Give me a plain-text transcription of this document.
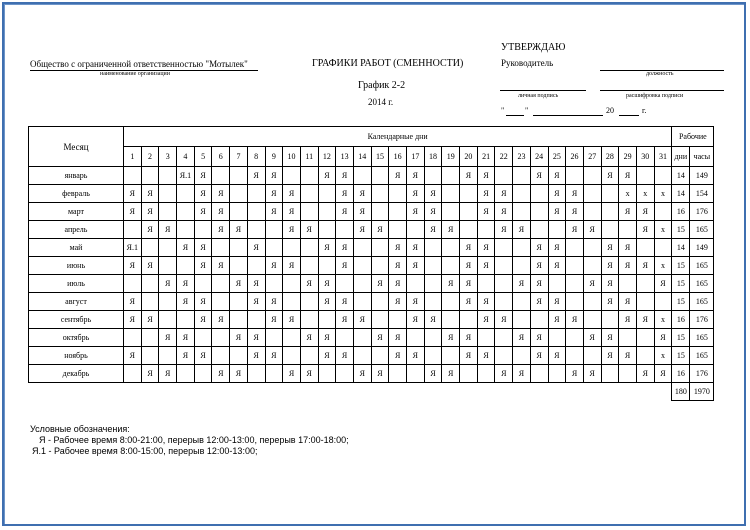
УТВЕРЖДАЮ
Руководитель
должность
личная подпись	расшифровка подписи
"	"	20	г.
Общество с ограниченной ответственностью "Мотылек"
наименование организации
ГРАФИКИ РАБОТ (СМЕННОСТИ)
График 2-2
2014 г.
Месяц	Календарные дни																															Рабочие	
	1	2	3	4	5	6	7	8	9	10	11	12	13	14	15	16	17	18	19	20	21	22	23	24	25	26	27	28	29	30	31	дни	часы
январь				Я.1	Я			Я	Я			Я	Я			Я	Я			Я	Я			Я	Я			Я	Я			14	149
февраль	Я	Я			Я	Я			Я	Я			Я	Я			Я	Я			Я	Я			Я	Я			х	х	х	14	154
март	Я	Я			Я	Я			Я	Я			Я	Я			Я	Я			Я	Я			Я	Я			Я	Я		16	176
апрель		Я	Я			Я	Я			Я	Я			Я	Я			Я	Я			Я	Я			Я	Я			Я	х	15	165
май	Я.1			Я	Я			Я				Я	Я			Я	Я			Я	Я			Я	Я			Я	Я			14	149
июнь	Я	Я			Я	Я			Я	Я			Я			Я	Я			Я	Я			Я	Я			Я	Я	Я	х	15	165
июль			Я	Я			Я	Я			Я	Я			Я	Я			Я	Я			Я	Я			Я	Я			Я	15	165
август	Я			Я	Я			Я	Я			Я	Я			Я	Я			Я	Я			Я	Я			Я	Я			15	165
сентябрь	Я	Я			Я	Я			Я	Я			Я	Я			Я	Я			Я	Я			Я	Я			Я	Я	х	16	176
октябрь			Я	Я			Я	Я			Я	Я			Я	Я			Я	Я			Я	Я			Я	Я			Я	15	165
ноябрь	Я			Я	Я			Я	Я			Я	Я			Я	Я			Я	Я			Я	Я			Я	Я		х	15	165
декабрь		Я	Я			Я	Я			Я	Я			Я	Я			Я	Я			Я	Я			Я	Я			Я	Я	16	176
																																180	1970
Условные обозначения:
Я - Рабочее время 8:00-21:00, перерыв 12:00-13:00, перерыв 17:00-18:00;
Я.1 - Рабочее время 8:00-15:00, перерыв 12:00-13:00;
